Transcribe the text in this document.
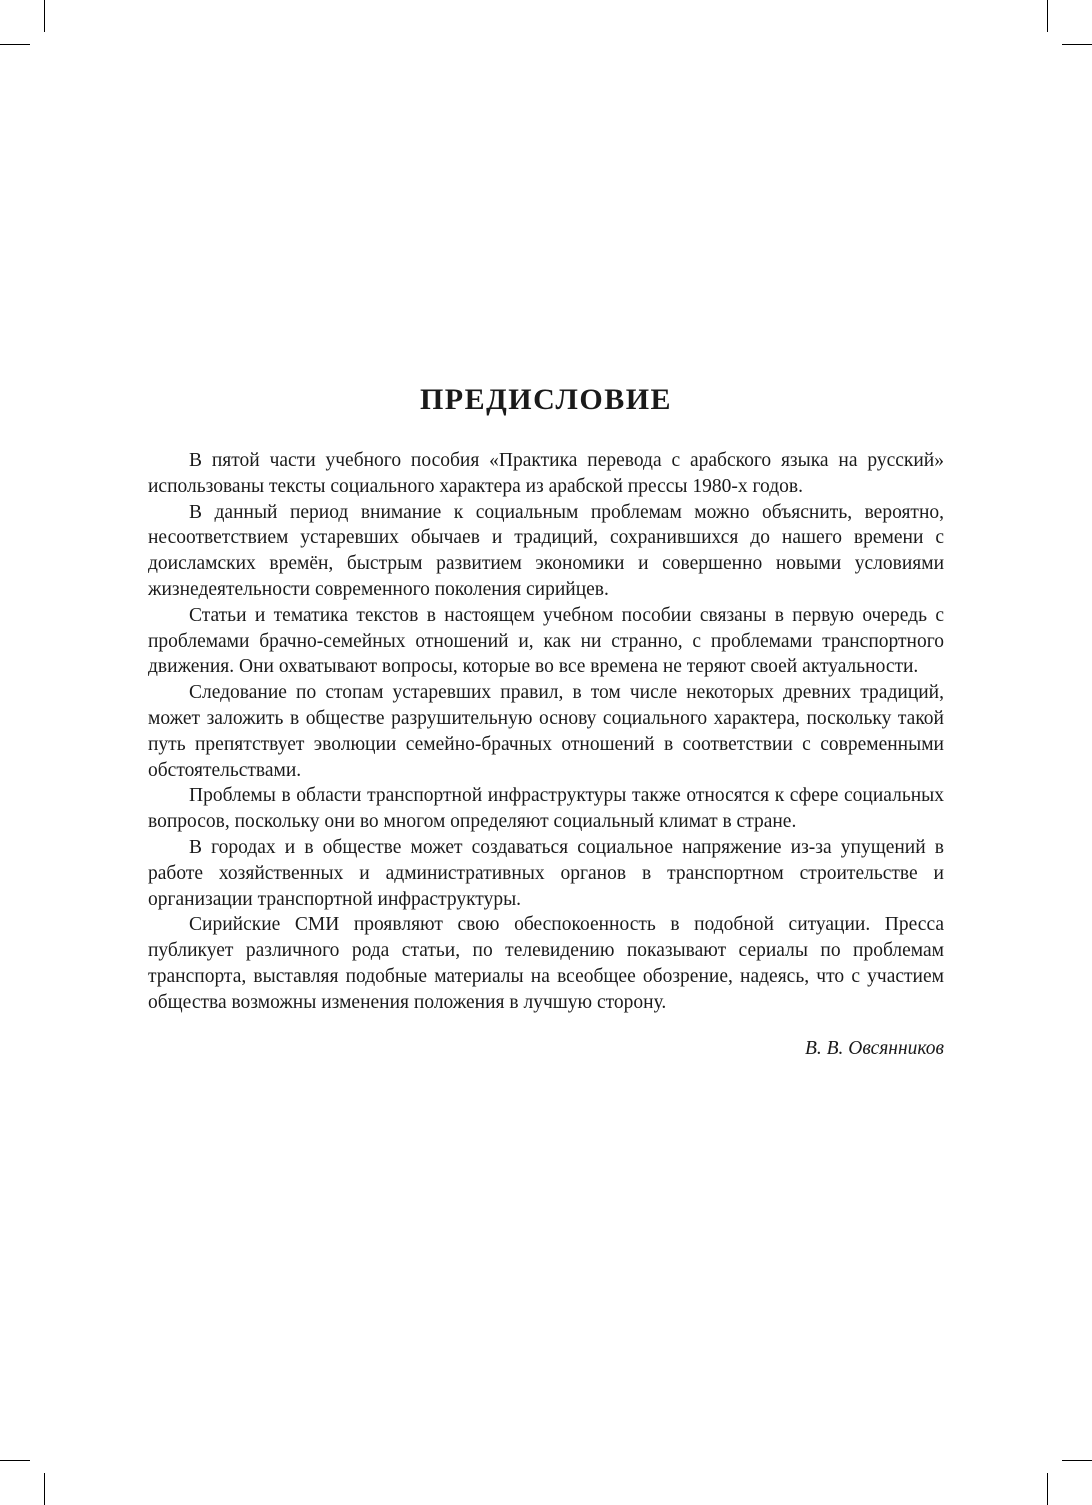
ПРЕДИСЛОВИЕ

В пятой части учебного пособия «Практика перевода с арабского языка на русский» использованы тексты социального характера из арабской прессы 1980-х годов.

В данный период внимание к социальным проблемам можно объяснить, вероятно, несоответствием устаревших обычаев и традиций, сохранившихся до нашего времени с доисламских времён, быстрым развитием экономики и совершенно новыми условиями жизнедеятельности современного поколения сирийцев.

Статьи и тематика текстов в настоящем учебном пособии связаны в первую очередь с проблемами брачно-семейных отношений и, как ни странно, с проблемами транспортного движения. Они охватывают вопросы, которые во все времена не теряют своей актуальности.

Следование по стопам устаревших правил, в том числе некоторых древних традиций, может заложить в обществе разрушительную основу социального характера, поскольку такой путь препятствует эволюции семейно-брачных отношений в соответствии с современными обстоятельствами.

Проблемы в области транспортной инфраструктуры также относятся к сфере социальных вопросов, поскольку они во многом определяют социальный климат в стране.

В городах и в обществе может создаваться социальное напряжение из-за упущений в работе хозяйственных и административных органов в транспортном строительстве и организации транспортной инфраструктуры.

Сирийские СМИ проявляют свою обеспокоенность в подобной ситуации. Пресса публикует различного рода статьи, по телевидению показывают сериалы по проблемам транспорта, выставляя подобные материалы на всеобщее обозрение, надеясь, что с участием общества возможны изменения положения в лучшую сторону.

В. В. Овсянников
